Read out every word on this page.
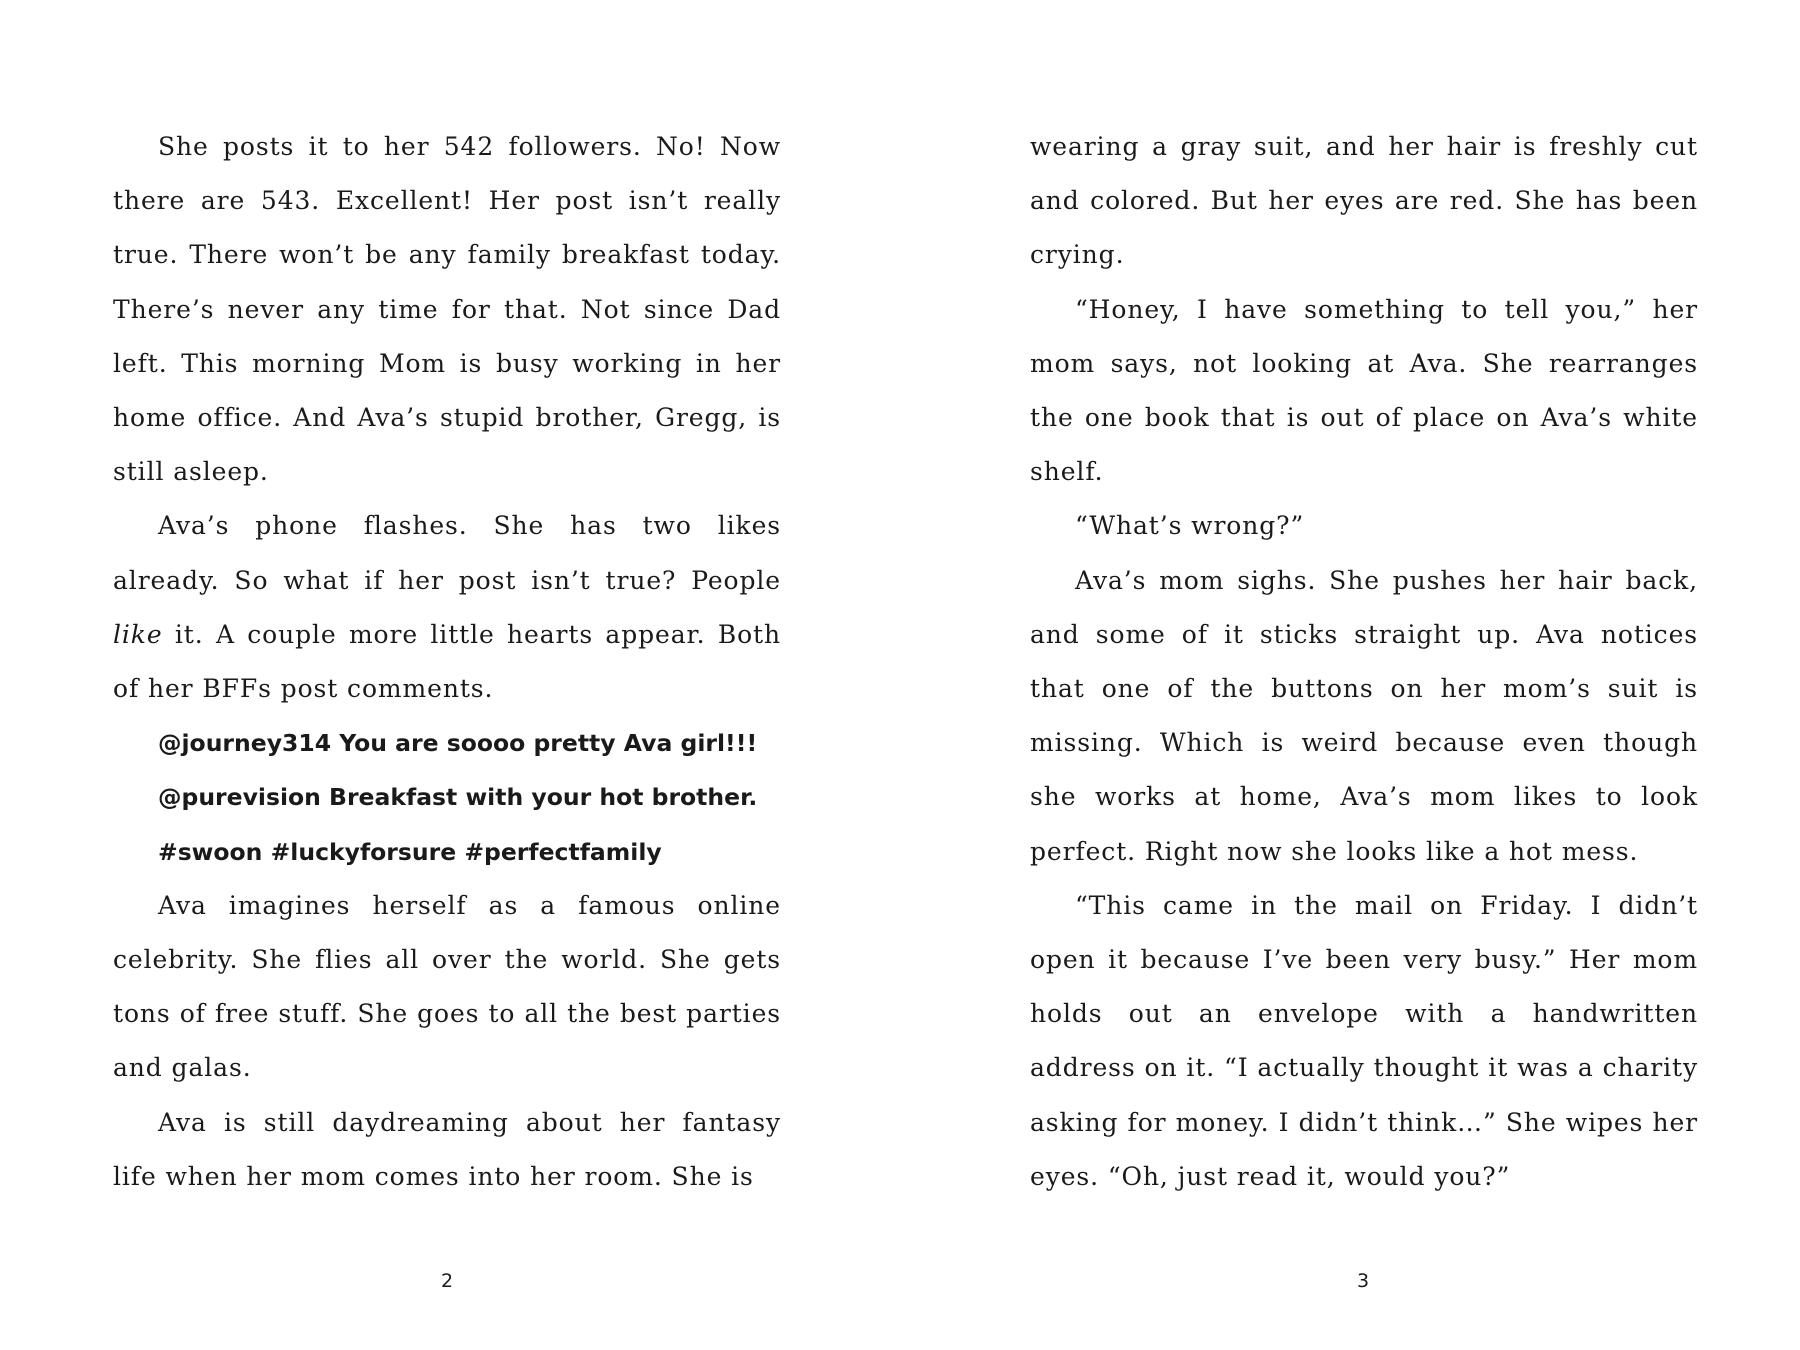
She posts it to her 542 followers. No! Now there are 543. Excellent! Her post isn’t really true. There won’t be any family breakfast today. There’s never any time for that. Not since Dad left. This morning Mom is busy working in her home office. And Ava’s stupid brother, Gregg, is still asleep.

Ava’s phone flashes. She has two likes already. So what if her post isn’t true? People like it. A couple more little hearts appear. Both of her BFFs post comments.

@journey314 You are soooo pretty Ava girl!!!

@purevision Breakfast with your hot brother.

#swoon #luckyforsure #perfectfamily

Ava imagines herself as a famous online celebrity. She flies all over the world. She gets tons of free stuff. She goes to all the best parties and galas.

Ava is still daydreaming about her fantasy life when her mom comes into her room. She is

wearing a gray suit, and her hair is freshly cut and colored. But her eyes are red. She has been crying.

“Honey, I have something to tell you,” her mom says, not looking at Ava. She rearranges the one book that is out of place on Ava’s white shelf.

“What’s wrong?”

Ava’s mom sighs. She pushes her hair back, and some of it sticks straight up. Ava notices that one of the buttons on her mom’s suit is missing. Which is weird because even though she works at home, Ava’s mom likes to look perfect. Right now she looks like a hot mess.

“This came in the mail on Friday. I didn’t open it because I’ve been very busy.” Her mom holds out an envelope with a handwritten address on it. “I actually thought it was a charity asking for money. I didn’t think…” She wipes her eyes. “Oh, just read it, would you?”

2	3
